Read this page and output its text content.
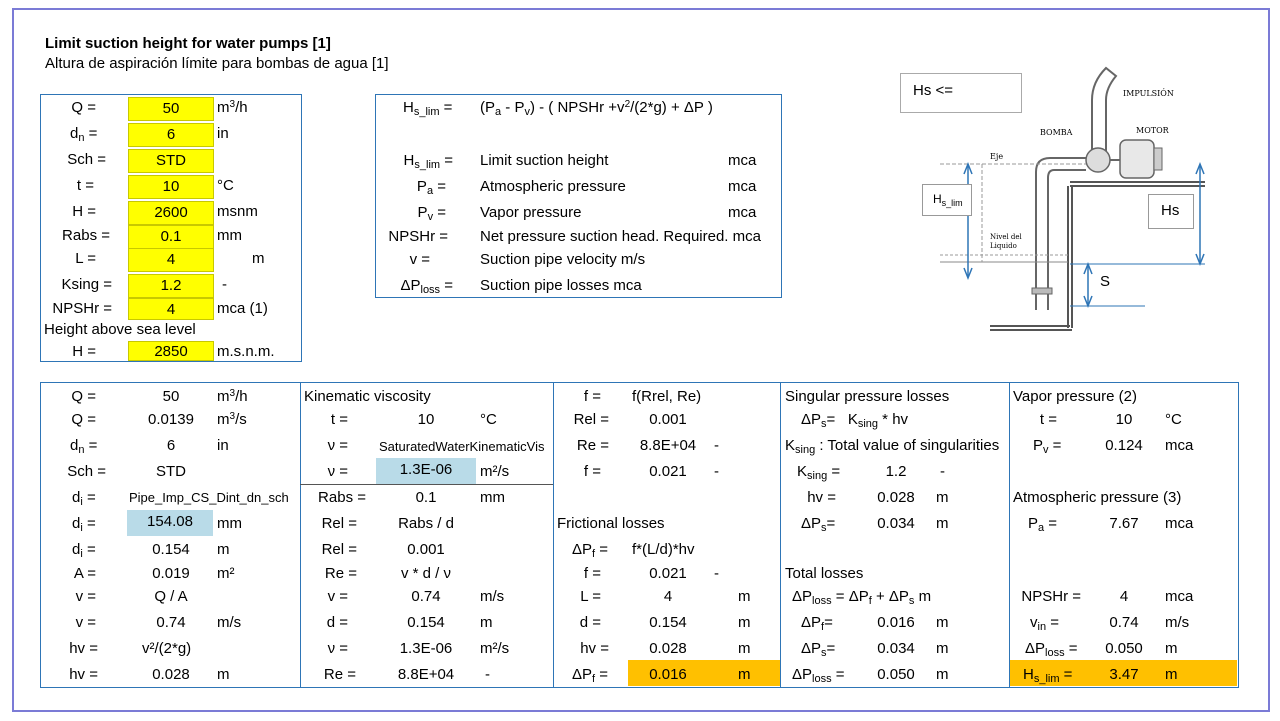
Limit suction height for water pumps [1]
Altura de aspiración límite para bombas de agua [1]
Q =	50	$m^3/h$
$d_n$ =	6	in
Sch =	STD
t =	10	°C
H =	2600	msnm
Rabs =	0.1	mm
L =	4	m
Ksing =	1.2	-
NPSHr =	4	mca (1)
Height above sea level
H =	2850	m.s.n.m.
$H_{s\_lim} = (P_a - P_v)$ - ( NPSHr $+v^2/(2*g) + \Delta P$ )
$H_{s\_lim}$ = Limit suction height	mca
$P_a$ = Atmospheric pressure	mca
$P_v$ = Vapor pressure	mca
NPSHr = Net pressure suction head. Required. mca
v =	Suction pipe velocity m/s
$\Delta P_{loss}$ = Suction pipe losses mca
Hs <=	IMPULSIÓN
BOMBA	MOTOR
Eje
Nivel del Liquido
$H_{s\_lim}$	Hs
S
Q =	50	$m^3/h$
Q =	0.0139	$m^3/s$
$d_n$ =	6	in
Sch =	STD
$d_i$ =	Pipe_Imp_CS_Dint_dn_sch
$d_i$ =	154.08	mm
$d_i$ =	0.154	m
A =	0.019	m²
v =	Q / A
v =	0.74	m/s
hv =	v²/(2*g)
hv =	0.028	m
Kinematic viscosity
t =	10	°C
ν = SaturatedWaterKinematicVis
ν =	1.3E-06	m²/s
Rabs =	0.1	mm
Rel =	Rabs / d
Rel =	0.001
Re =	v * d / ν
v =	0.74	m/s
d =	0.154	m
ν =	1.3E-06	m²/s
Re =	8.8E+04	-
f = f(Rrel, Re)
Rel =	0.001
Re =	8.8E+04	-
f =	0.021	-
Frictional losses
$\Delta P_f = f*(L/d)*hv$
f =	0.021	-
L =	4	m
d =	0.154	m
hv =	0.028	m
$\Delta P_f$ =	0.016	m
Singular pressure losses
$\Delta P_s= K_{sing}$ * hv
$K_{sing}$ : Total value of singularities
$K_{sing}$ =	1.2	-
hv =	0.028	m
$\Delta P_s=$	0.034	m
Total losses
$\Delta P_{loss} = \Delta P_f + \Delta P_s$ m
$\Delta P_f=$	0.016	m
$\Delta P_s=$	0.034	m
$\Delta P_{loss}$ =	0.050	m
Vapor pressure (2)
t =	10	°C
$P_v$ =	0.124	mca
Atmospheric pressure (3)
$P_a$ =	7.67	mca
NPSHr =	4	mca
$v_{in}$ =	0.74	m/s
$\Delta P_{loss}$ =	0.050	m
$H_{s\_lim}$ =	3.47	m
